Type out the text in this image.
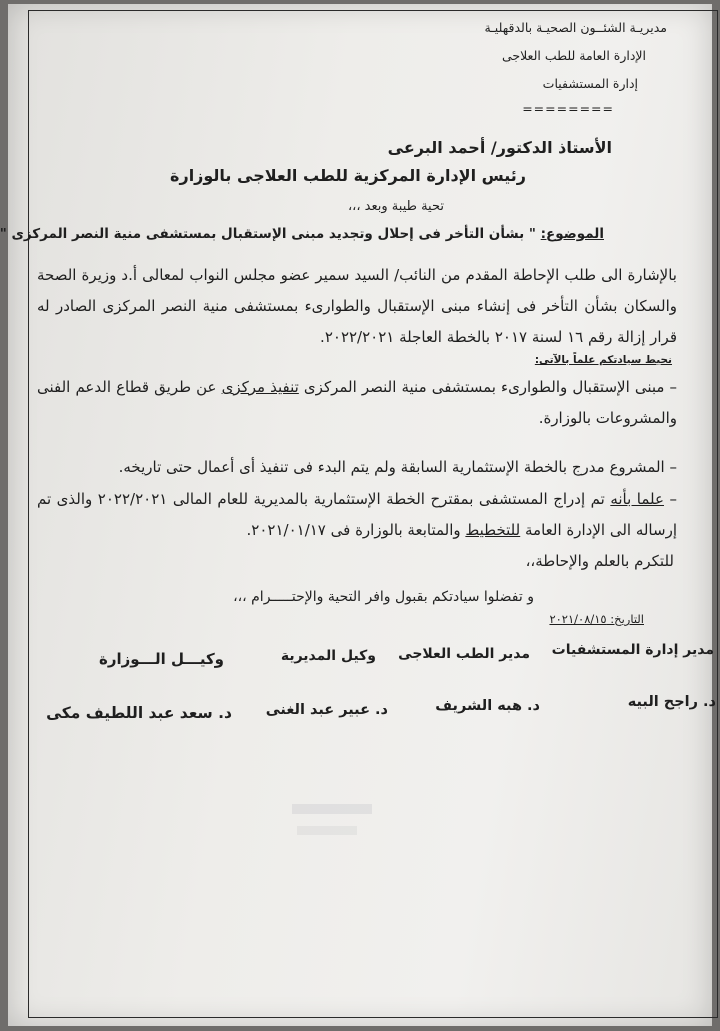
مديريـة الشئــون الصحيـة بالدقهليـة
الإدارة العامة للطب العلاجى
إدارة المستشفيات
========
الأستاذ الدكتور/ أحمد البرعى
رئيس الإدارة المركزية للطب العلاجى بالوزارة
تحية طيبة وبعد ،،،
الموضوع: " بشأن التأخر فى إحلال وتجديد مبنى الإستقبال بمستشفى منية النصر المركزى "
بالإشارة الى طلب الإحاطة المقدم من النائب/ السيد سمير عضو مجلس النواب لمعالى أ.د وزيرة الصحة والسكان بشأن التأخر فى إنشاء مبنى الإستقبال والطوارىء بمستشفى منية النصر المركزى الصادر له قرار إزالة رقم ١٦ لسنة ٢٠١٧ بالخطة العاجلة ٢٠٢٢/٢٠٢١.
نحيط سيادتكم علماً بالآتى:
– مبنى الإستقبال والطوارىء بمستشفى منية النصر المركزى تنفيذ مركزى عن طريق قطاع الدعم الفنى والمشروعات بالوزارة.
– المشروع مدرج بالخطة الإستثمارية السابقة ولم يتم البدء فى تنفيذ أى أعمال حتى تاريخه.
– علما بأنه تم إدراج المستشفى بمقترح الخطة الإستثمارية بالمديرية للعام المالى ٢٠٢٢/٢٠٢١ والذى تم إرساله الى الإدارة العامة للتخطيط والمتابعة بالوزارة فى ٢٠٢١/٠١/١٧.
للتكرم بالعلم والإحاطة،،
و تفضلوا سيادتكم بقبول وافر التحية والإحتـــــرام ،،،
التاريخ: ٢٠٢١/٠٨/١٥
مدير إدارة المستشفيات
مدير الطب العلاجى
وكيل المديرية
وكيـــل الـــوزارة
د. راجح البيه
د. هبه الشريف
د. عبير عبد الغنى
د. سعد عبد اللطيف مكى
